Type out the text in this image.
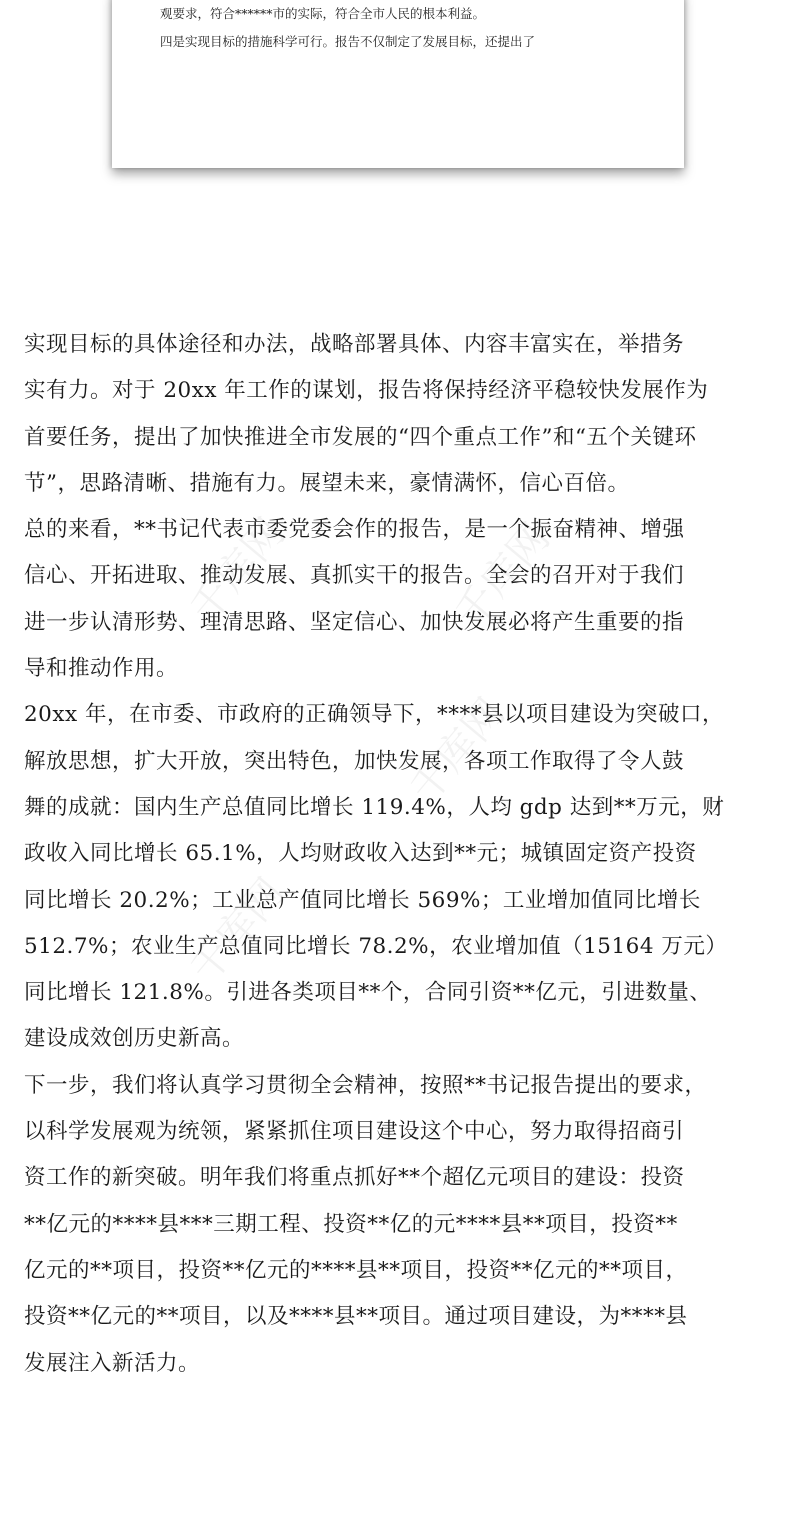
观要求，符合******市的实际，符合全市人民的根本利益。
四是实现目标的措施科学可行。报告不仅制定了发展目标，还提出了
千库网
千库网
千库网
千库网
实现目标的具体途径和办法，战略部署具体、内容丰富实在，举措务
实有力。对于 20xx 年工作的谋划，报告将保持经济平稳较快发展作为
首要任务，提出了加快推进全市发展的“四个重点工作”和“五个关键环
节”，思路清晰、措施有力。展望未来，豪情满怀，信心百倍。
总的来看，**书记代表市委党委会作的报告，是一个振奋精神、增强
信心、开拓进取、推动发展、真抓实干的报告。全会的召开对于我们
进一步认清形势、理清思路、坚定信心、加快发展必将产生重要的指
导和推动作用。
20xx 年，在市委、市政府的正确领导下，****县以项目建设为突破口，
解放思想，扩大开放，突出特色，加快发展，各项工作取得了令人鼓
舞的成就：国内生产总值同比增长 119.4%，人均 gdp 达到**万元，财
政收入同比增长 65.1%，人均财政收入达到**元；城镇固定资产投资
同比增长 20.2%；工业总产值同比增长 569%；工业增加值同比增长
512.7%；农业生产总值同比增长 78.2%，农业增加值（15164 万元）
同比增长 121.8%。引进各类项目**个，合同引资**亿元，引进数量、
建设成效创历史新高。
下一步，我们将认真学习贯彻全会精神，按照**书记报告提出的要求，
以科学发展观为统领，紧紧抓住项目建设这个中心，努力取得招商引
资工作的新突破。明年我们将重点抓好**个超亿元项目的建设：投资
**亿元的****县***三期工程、投资**亿的元****县**项目，投资**
亿元的**项目，投资**亿元的****县**项目，投资**亿元的**项目，
投资**亿元的**项目，以及****县**项目。通过项目建设，为****县
发展注入新活力。
